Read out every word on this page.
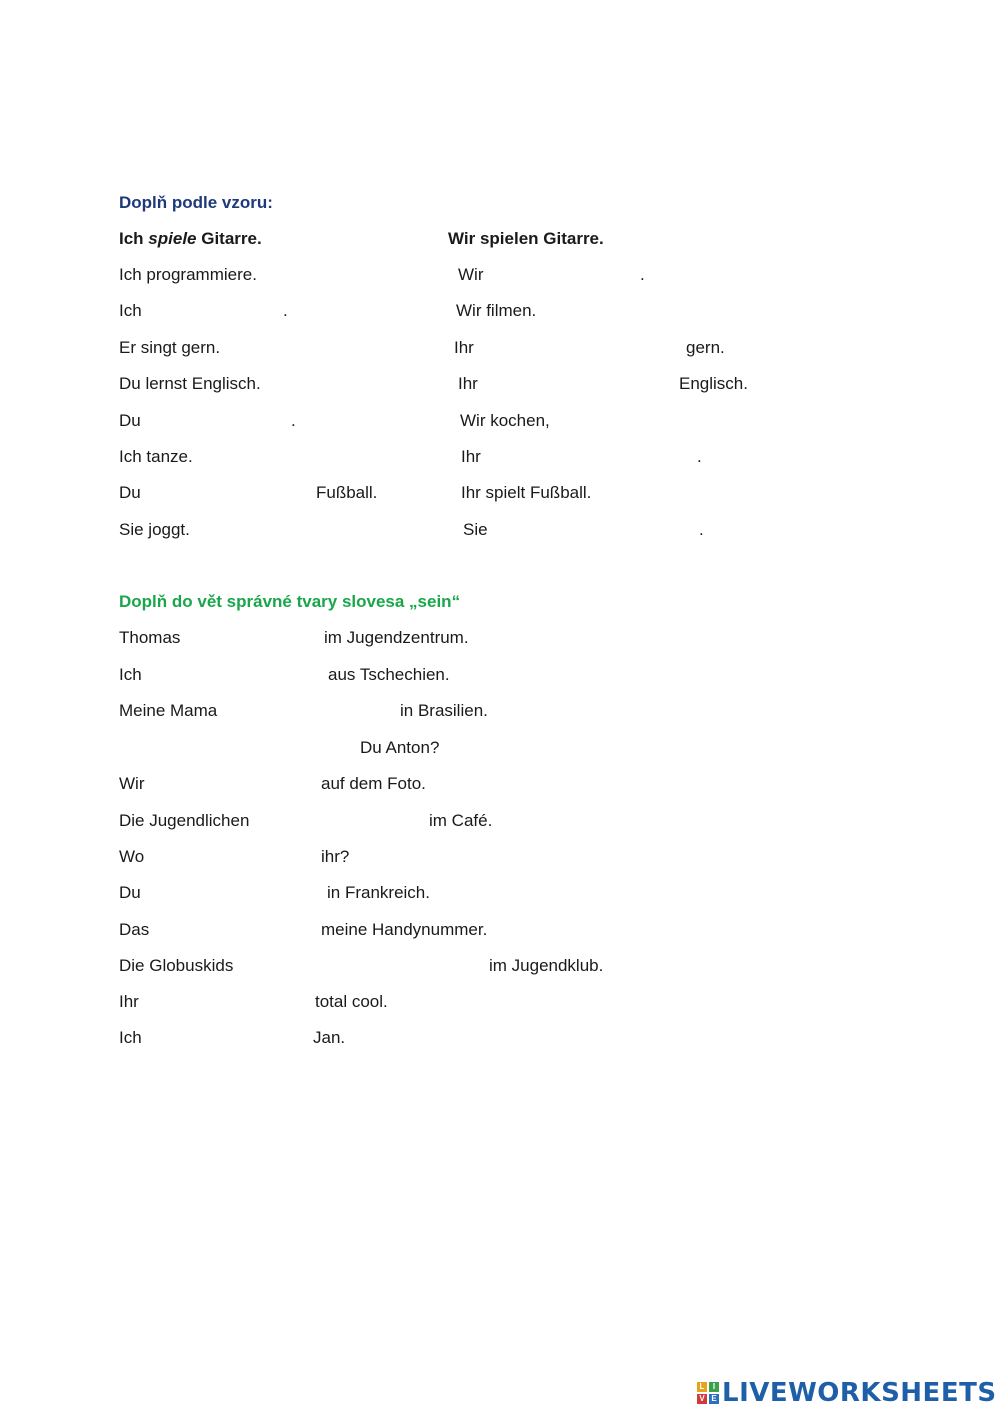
Doplň podle vzoru:
Ich spiele Gitarre.	Wir spielen Gitarre.
Ich programmiere.	Wir	.
Ich	.	Wir filmen.
Er singt gern.	Ihr	gern.
Du lernst Englisch.	Ihr	Englisch.
Du	.	Wir kochen,
Ich tanze.	Ihr	.
Du	Fußball.	Ihr spielt Fußball.
Sie joggt.	Sie	.
Doplň do vět správné tvary slovesa „sein“
Thomas	im Jugendzentrum.
Ich	aus Tschechien.
Meine Mama	in Brasilien.
Du Anton?
Wir	auf dem Foto.
Die Jugendlichen	im Café.
Wo	ihr?
Du	in Frankreich.
Das	meine Handynummer.
Die Globuskids	im Jugendklub.
Ihr	total cool.
Ich	Jan.
L	I
V E LIVEWORKSHEETS
